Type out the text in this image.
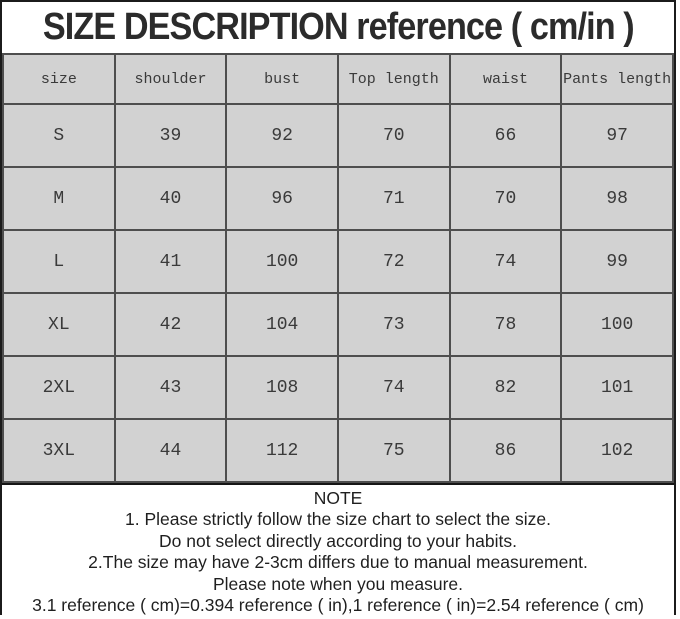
SIZE DESCRIPTION reference ( cm/in )
size	shoulder	bust	Top length	waist	Pants length
S	39	92	70	66	97
M	40	96	71	70	98
L	41	100	72	74	99
XL	42	104	73	78	100
2XL	43	108	74	82	101
3XL	44	112	75	86	102
NOTE
1. Please strictly follow the size chart to select the size.
Do not select directly according to your habits.
2.The size may have 2-3cm differs due to manual measurement.
Please note when you measure.
3.1 reference ( cm)=0.394 reference ( in),1 reference ( in)=2.54 reference ( cm)
